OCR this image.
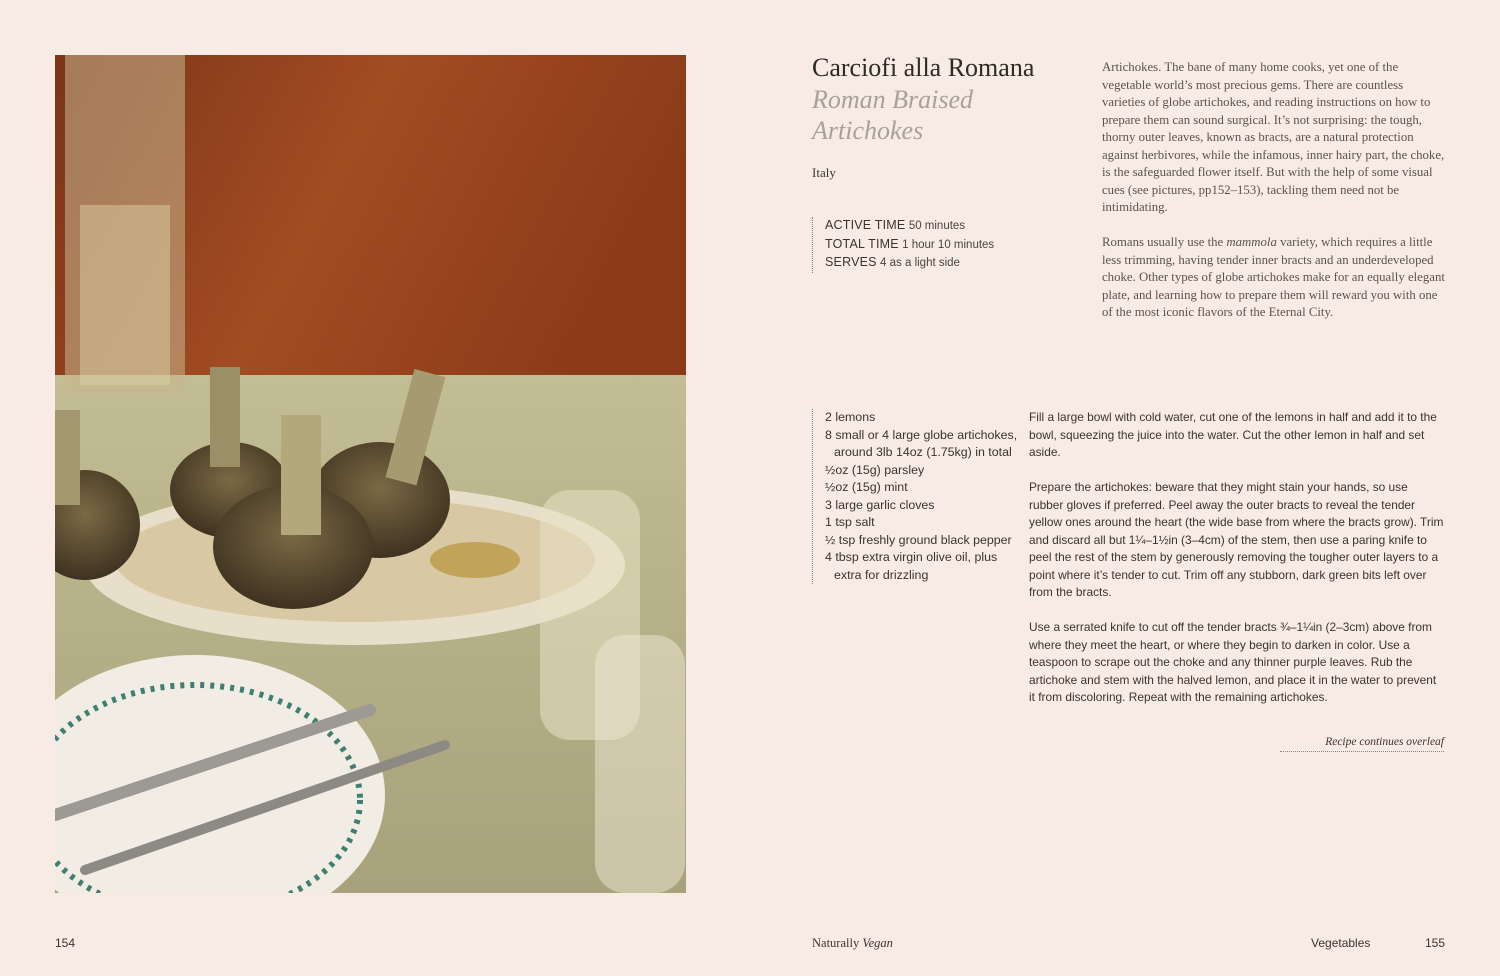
Carciofi alla Romana
Roman Braised Artichokes
Italy
ACTIVE TIME 50 minutes
TOTAL TIME 1 hour 10 minutes
SERVES 4 as a light side

Artichokes. The bane of many home cooks, yet one of the vegetable world’s most precious gems. There are countless varieties of globe artichokes, and reading instructions on how to prepare them can sound surgical. It’s not surprising: the tough, thorny outer leaves, known as bracts, are a natural protection against herbivores, while the infamous, inner hairy part, the choke, is the safeguarded flower itself. But with the help of some visual cues (see pictures, pp152–153), tackling them need not be intimidating.

Romans usually use the mammola variety, which requires a little less trimming, having tender inner bracts and an underdeveloped choke. Other types of globe artichokes make for an equally elegant plate, and learning how to prepare them will reward you with one of the most iconic flavors of the Eternal City.

2 lemons
8 small or 4 large globe artichokes, around 3lb 14oz (1.75kg) in total
½oz (15g) parsley
½oz (15g) mint
3 large garlic cloves
1 tsp salt
½ tsp freshly ground black pepper
4 tbsp extra virgin olive oil, plus extra for drizzling

Fill a large bowl with cold water, cut one of the lemons in half and add it to the bowl, squeezing the juice into the water. Cut the other lemon in half and set aside.

Prepare the artichokes: beware that they might stain your hands, so use rubber gloves if preferred. Peel away the outer bracts to reveal the tender yellow ones around the heart (the wide base from where the bracts grow). Trim and discard all but 1¼–1½in (3–4cm) of the stem, then use a paring knife to peel the rest of the stem by generously removing the tougher outer layers to a point where it’s tender to cut. Trim off any stubborn, dark green bits left over from the bracts.

Use a serrated knife to cut off the tender bracts ¾–1¼in (2–3cm) above from where they meet the heart, or where they begin to darken in color. Use a teaspoon to scrape out the choke and any thinner purple leaves. Rub the artichoke and stem with the halved lemon, and place it in the water to prevent it from discoloring. Repeat with the remaining artichokes.

Recipe continues overleaf
154	Naturally Vegan	Vegetables	155
